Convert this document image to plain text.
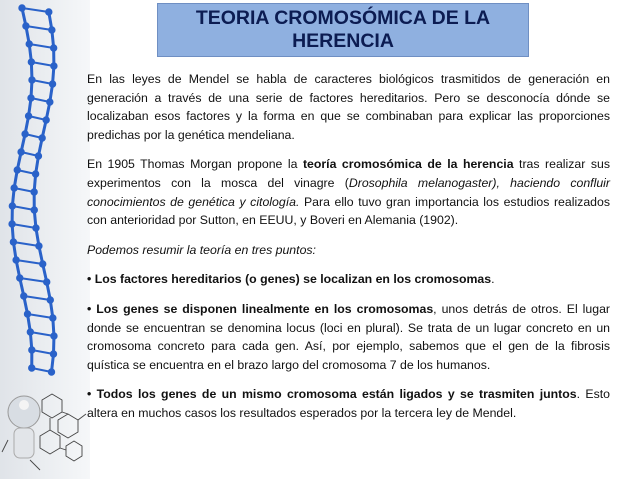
TEORIA CROMOSÓMICA DE LA
HERENCIA

En las leyes de Mendel se habla de caracteres biológicos trasmitidos de generación en generación a través de una serie de factores hereditarios. Pero se desconocía dónde se localizaban esos factores y la forma en que se combinaban para explicar las proporciones predichas por la genética mendeliana.

En 1905 Thomas Morgan propone la teoría cromosómica de la herencia tras realizar sus experimentos con la mosca del vinagre (Drosophila melanogaster), haciendo confluir conocimientos de genética y citología. Para ello tuvo gran importancia los estudios realizados con anterioridad por Sutton, en EEUU, y Boveri en Alemania (1902).

Podemos resumir la teoría en tres puntos:

• Los factores hereditarios (o genes) se localizan en los cromosomas.

• Los genes se disponen linealmente en los cromosomas, unos detrás de otros. El lugar donde se encuentran se denomina locus (loci en plural). Se trata de un lugar concreto en un cromosoma concreto para cada gen. Así, por ejemplo, sabemos que el gen de la fibrosis quística se encuentra en el brazo largo del cromosoma 7 de los humanos.

• Todos los genes de un mismo cromosoma están ligados y se trasmiten juntos. Esto altera en muchos casos los resultados esperados por la tercera ley de Mendel.
